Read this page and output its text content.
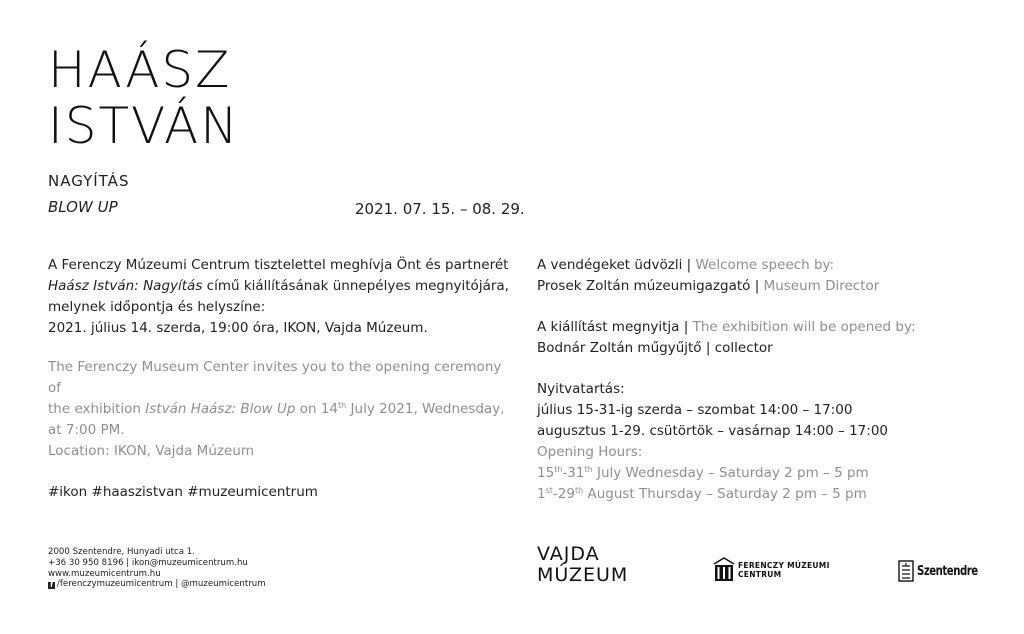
HAÁSZ
ISTVÁN
NAGYÍTÁS
BLOW UP	2021. 07. 15. – 08. 29.
A Ferenczy Múzeumi Centrum tisztelettel meghívja Önt és partnerét
Haász István: Nagyítás című kiállításának ünnepélyes megnyitójára,
melynek időpontja és helyszíne:
2021. július 14. szerda, 19:00 óra, IKON, Vajda Múzeum.
The Ferenczy Museum Center invites you to the opening ceremony of
the exhibition István Haász: Blow Up on 14th July 2021, Wednesday,
at 7:00 PM.
Location: IKON, Vajda Múzeum
#ikon #haaszistvan #muzeumicentrum
A vendégeket üdvözli | Welcome speech by:
Prosek Zoltán múzeumigazgató | Museum Director
A kiállítást megnyitja | The exhibition will be opened by:
Bodnár Zoltán műgyűjtő | collector
Nyitvatartás:
július 15-31-ig szerda – szombat 14:00 – 17:00
augusztus 1-29. csütörtök – vasárnap 14:00 – 17:00
Opening Hours:
15th-31th July Wednesday – Saturday 2 pm – 5 pm
1st-29th August Thursday – Saturday 2 pm – 5 pm
2000 Szentendre, Hunyadi utca 1.
+36 30 950 8196 | ikon@muzeumicentrum.hu
www.muzeumicentrum.hu
f /ferenczymuzeumicentrum | @muzeumicentrum
VAJDA
MÚZEUM	FERENCZY MÚZEUMI
CENTRUM	Szentendre
